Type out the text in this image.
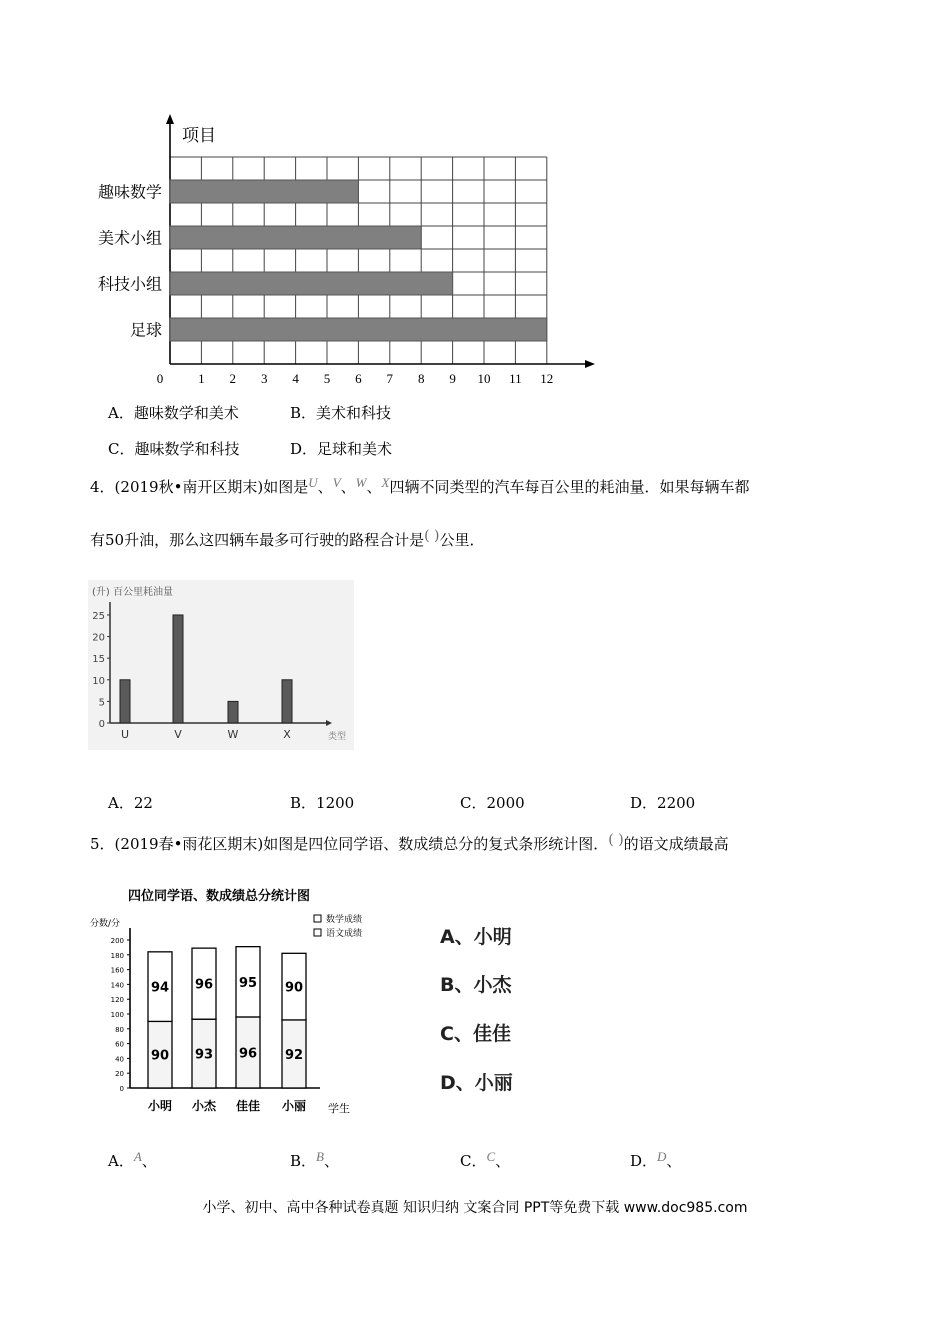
趣味数学
美术小组
科技小组
足球
0	1 2 3 4 5 6 7 8 9 10 11 12
项目
A．趣味数学和美术	B．美术和科技
C．趣味数学和科技	D．足球和美术
4．(2019秋•南开区期末)如图是U、V、W、X四辆不同类型的汽车每百公里的耗油量．如果每辆车都
有50升油，那么这四辆车最多可行驶的路程合计是( )公里．
(升) 百公里耗油量
0
5
10
15
20
25
U	V	W	X	类型
A．22	B．1200	C．2000	D．2200
5．(2019春•雨花区期末)如图是四位同学语、数成绩总分的复式条形统计图．( )的语文成绩最高
四位同学语、数成绩总分统计图
分数/分
学生
数学成绩
语文成绩
0
20
40
60
80
100
120
140
160
180
200
90
94
小明
93
96
小杰
96
95
佳佳
92
90
小丽
A、小明
B、小杰
C、佳佳
D、小丽
A．A、	B．B、	C．C、	D．D、
小学、初中、高中各种试卷真题 知识归纳 文案合同 PPT等免费下载 www.doc985.com
